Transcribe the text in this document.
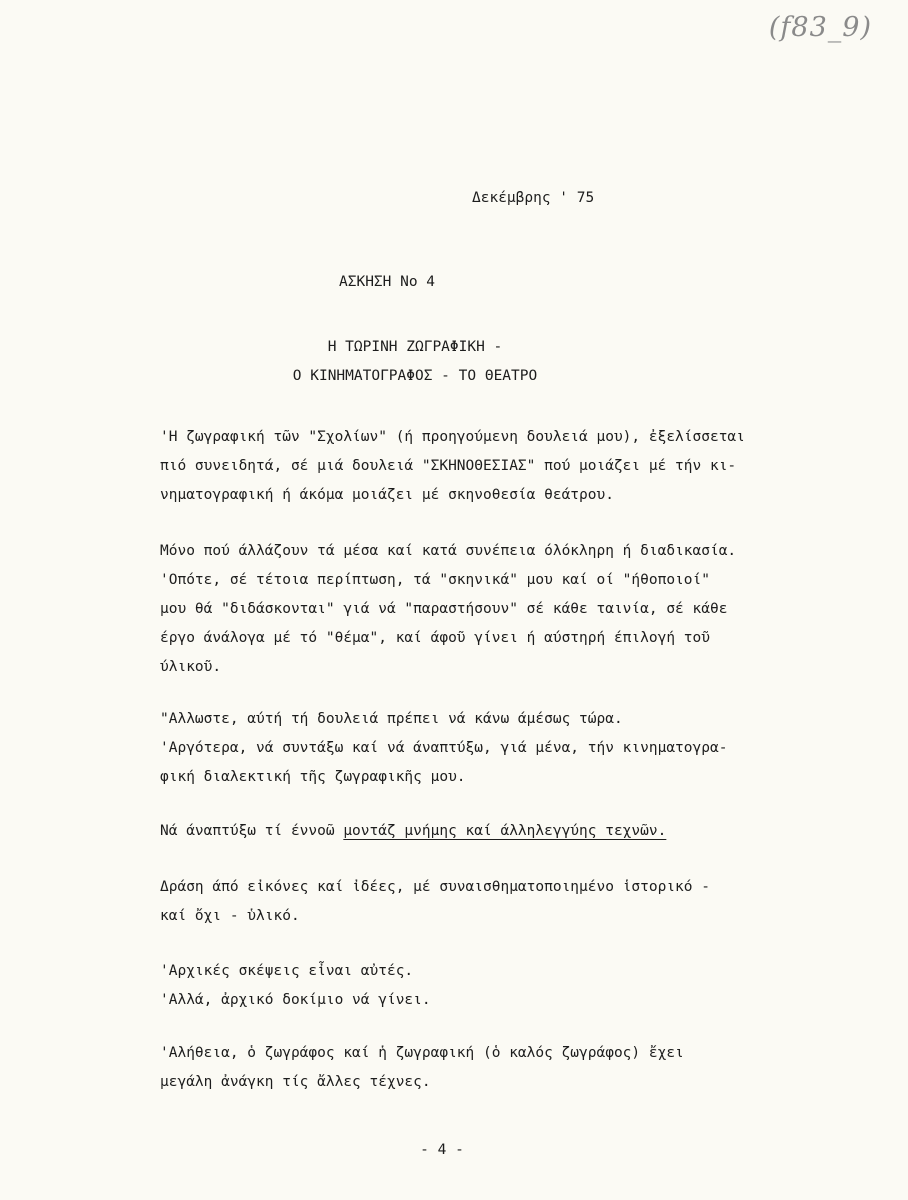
(f83_9)
Δεκέμβρης ' 75
ΑΣΚΗΣΗ Νο 4
Η ΤΩΡΙΝΗ ΖΩΓΡΑΦΙΚΗ -
Ο ΚΙΝΗΜΑΤΟΓΡΑΦΟΣ - ΤΟ ΘΕΑΤΡΟ
'Η ζωγραφική τῶν "Σχολίων" (ή προηγούμενη δουλειά μου), ἐξελίσσεται
πιό συνειδητά, σέ μιά δουλειά "ΣΚΗΝΟΘΕΣΙΑΣ" πού μοιάζει μέ τήν κι-
νηματογραφική ή άκόμα μοιάζει μέ σκηνοθεσία θεάτρου.
Μόνο πού άλλάζουν τά μέσα καί κατά συνέπεια όλόκληρη ή διαδικασία.
'Οπότε, σέ τέτοια περίπτωση, τά "σκηνικά" μου καί οί "ήθοποιοί"
μου θά "διδάσκονται" γιά νά "παραστήσουν" σέ κάθε ταινία, σέ κάθε
έργο άνάλογα μέ τό "θέμα", καί άφοῦ γίνει ή αύστηρή έπιλογή τοῦ
ύλικοῦ.
"Αλλωστε, αύτή τή δουλειά πρέπει νά κάνω άμέσως τώρα.
'Αργότερα, νά συντάξω καί νά άναπτύξω, γιά μένα, τήν κινηματογρα-
φική διαλεκτική τῆς ζωγραφικῆς μου.
Νά άναπτύξω τί έννοῶ μοντάζ μνήμης καί άλληλεγγύης τεχνῶν.
Δράση άπό εἰκόνες καί ἰδέες, μέ συναισθηματοποιημένο ἱστορικό -
καί ὄχι - ὑλικό.
'Αρχικές σκέψεις εἶναι αὐτές.
'Αλλά, ἀρχικό δοκίμιο νά γίνει.
'Αλήθεια, ὁ ζωγράφος καί ἡ ζωγραφική (ὁ καλός ζωγράφος) ἔχει
μεγάλη ἀνάγκη τίς ἄλλες τέχνες.
- 4 -
